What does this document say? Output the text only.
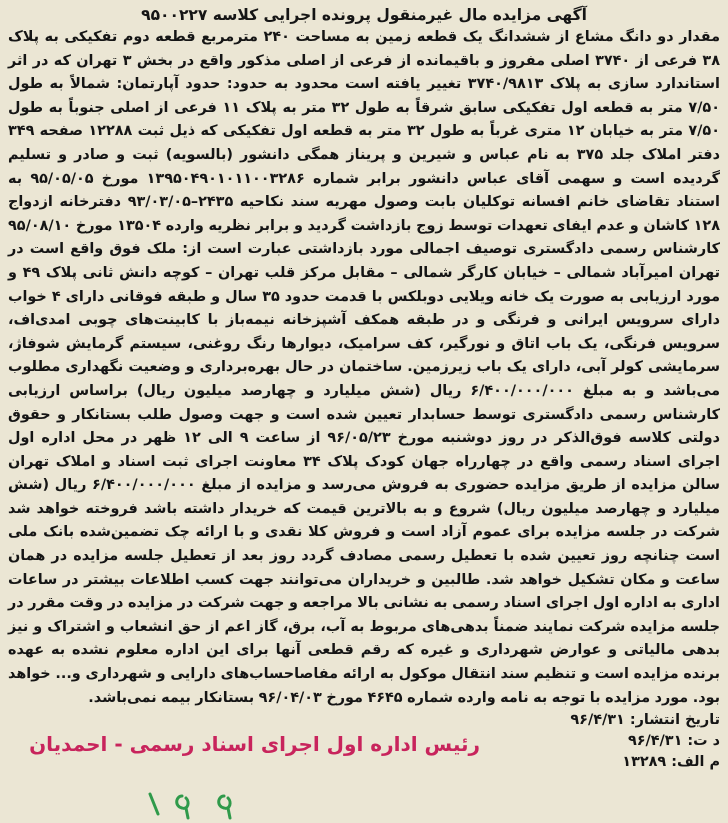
آگهی مزایده مال غیرمنقول پرونده اجرایی کلاسه ۹۵۰۰۲۲۷

مقدار دو دانگ مشاع از ششدانگ یک قطعه زمین به مساحت ۲۴۰ مترمربع قطعه دوم تفکیکی به پلاک ۳۸ فرعی از ۳۷۴۰ اصلی مفروز و باقیمانده از فرعی از اصلی مذکور واقع در بخش ۳ تهران که در اثر استاندارد سازی به پلاک ۳۷۴۰/۹۸۱۳ تغییر یافته است محدود به حدود: حدود آپارتمان: شمالاً به طول ۷/۵۰ متر به قطعه اول تفکیکی سابق شرقاً به طول ۳۲ متر به پلاک ۱۱ فرعی از اصلی جنوباً به طول ۷/۵۰ متر به خیابان ۱۲ متری غرباً به طول ۳۲ متر به قطعه اول تفکیکی که ذیل ثبت ۱۲۲۸۸ صفحه ۳۴۹ دفتر املاک جلد ۳۷۵ به نام عباس و شیرین و پریناز همگی دانشور (بالسویه) ثبت و صادر و تسلیم گردیده است و سهمی آقای عباس دانشور برابر شماره ۱۳۹۵۰۴۹۰۱۰۱۱۰۰۳۲۸۶ مورخ ۹۵/۰۵/۰۵ به استناد تقاضای خانم افسانه توکلیان بابت وصول مهریه سند نکاحیه ۲۴۳۵–۹۳/۰۳/۰۵ دفترخانه ازدواج ۱۲۸ کاشان و عدم ایفای تعهدات توسط زوج بازداشت گردید و برابر نظریه وارده ۱۳۵۰۴ مورخ ۹۵/۰۸/۱۰ کارشناس رسمی دادگستری توصیف اجمالی مورد بازداشتی عبارت است از: ملک فوق واقع است در تهران امیرآباد شمالی – خیابان کارگر شمالی – مقابل مرکز قلب تهران – کوچه دانش ثانی پلاک ۴۹ و مورد ارزیابی به صورت یک خانه ویلایی دوبلکس با قدمت حدود ۳۵ سال و طبقه فوقانی دارای ۴ خواب دارای سرویس ایرانی و فرنگی و در طبقه همکف آشپزخانه نیمه‌باز با کابینت‌های چوبی امدی‌اف، سرویس فرنگی، یک باب اتاق و نورگیر، کف سرامیک، دیوارها رنگ روغنی، سیستم گرمایش شوفاژ، سرمایشی کولر آبی، دارای یک باب زیرزمین. ساختمان در حال بهره‌برداری و وضعیت نگهداری مطلوب می‌باشد و به مبلغ ۶/۴۰۰/۰۰۰/۰۰۰ ریال (شش میلیارد و چهارصد میلیون ریال) براساس ارزیابی کارشناس رسمی دادگستری توسط حسابدار تعیین شده است و جهت وصول طلب بستانکار و حقوق دولتی کلاسه فوق‌الذکر در روز دوشنبه مورخ ۹۶/۰۵/۲۳ از ساعت ۹ الی ۱۲ ظهر در محل اداره اول اجرای اسناد رسمی واقع در چهارراه جهان کودک پلاک ۳۴ معاونت اجرای ثبت اسناد و املاک تهران سالن مزایده از طریق مزایده حضوری به فروش می‌رسد و مزایده از مبلغ ۶/۴۰۰/۰۰۰/۰۰۰ ریال (شش میلیارد و چهارصد میلیون ریال) شروع و به بالاترین قیمت که خریدار داشته باشد فروخته خواهد شد شرکت در جلسه مزایده برای عموم آزاد است و فروش کلا نقدی و با ارائه چک تضمین‌شده بانک ملی است چنانچه روز تعیین شده با تعطیل رسمی مصادف گردد روز بعد از تعطیل جلسه مزایده در همان ساعت و مکان تشکیل خواهد شد. طالبین و خریداران می‌توانند جهت کسب اطلاعات بیشتر در ساعات اداری به اداره اول اجرای اسناد رسمی به نشانی بالا مراجعه و جهت شرکت در مزایده در وقت مقرر در جلسه مزایده شرکت نمایند ضمناً بدهی‌های مربوط به آب، برق، گاز اعم از حق انشعاب و اشتراک و نیز بدهی مالیاتی و عوارض شهرداری و غیره که رقم قطعی آنها برای این اداره معلوم نشده به عهده برنده مزایده است و تنظیم سند انتقال موکول به ارائه مفاصاحساب‌های دارایی و شهرداری و... خواهد بود. مورد مزایده با توجه به نامه وارده شماره ۴۶۴۵ مورخ ۹۶/۰۴/۰۳ بستانکار بیمه نمی‌باشد.

تاریخ انتشار: ۹۶/۴/۳۱
د ت: ۹۶/۴/۳۱
م الف: ۱۳۲۸۹
رئیس اداره اول اجرای اسناد رسمی - احمدیان
